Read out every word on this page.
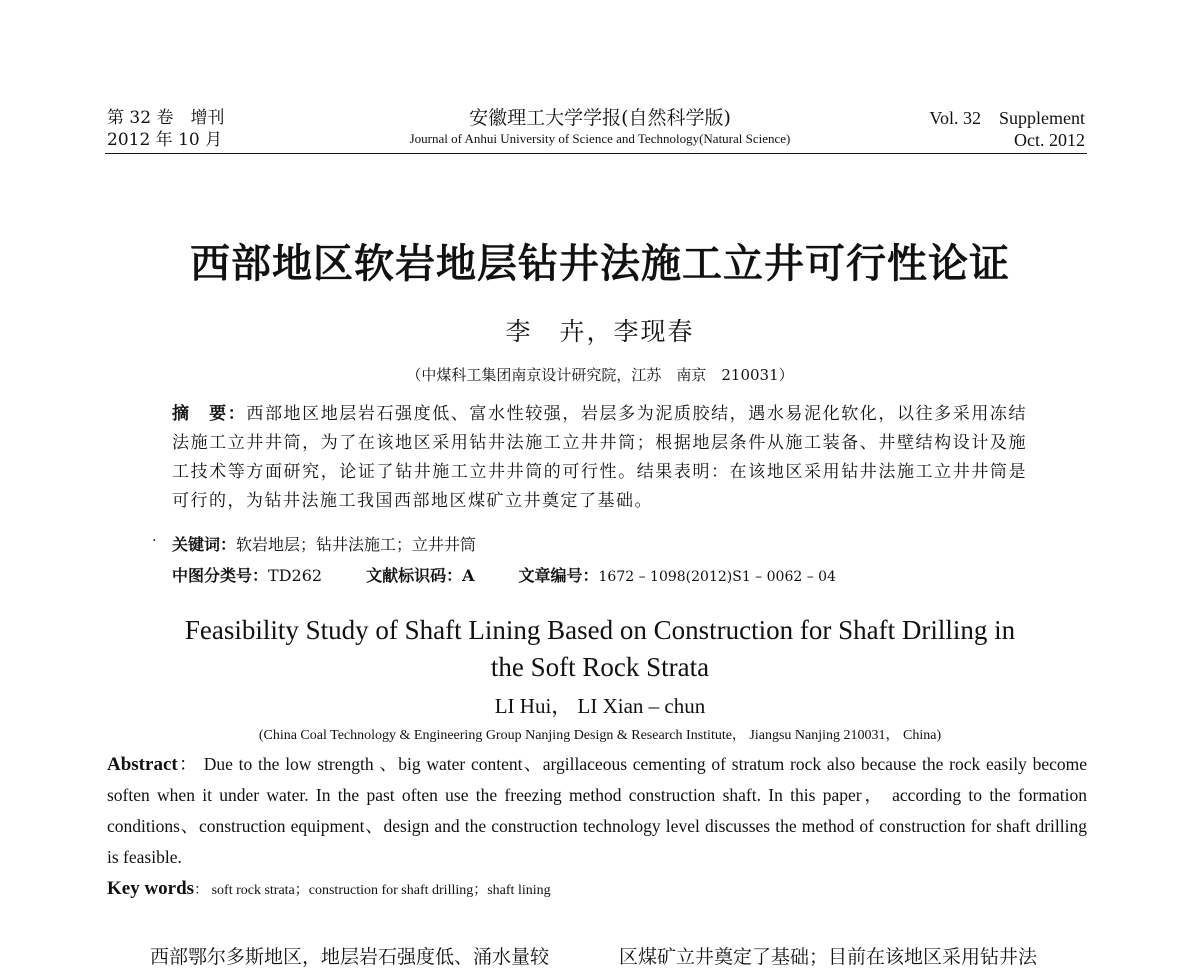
第 32 卷　增刊
2012 年 10 月
安徽理工大学学报(自然科学版)
Journal of Anhui University of Science and Technology(Natural Science)
Vol. 32　Supplement
Oct. 2012
西部地区软岩地层钻井法施工立井可行性论证
李　卉，李现春
（中煤科工集团南京设计研究院，江苏　南京　210031）
摘　要：西部地区地层岩石强度低、富水性较强，岩层多为泥质胶结，遇水易泥化软化，以往多采用冻结法施工立井井筒，为了在该地区采用钻井法施工立井井筒；根据地层条件从施工装备、井壁结构设计及施工技术等方面研究，论证了钻井施工立井井筒的可行性。结果表明：在该地区采用钻井法施工立井井筒是可行的，为钻井法施工我国西部地区煤矿立井奠定了基础。
· 关键词：软岩地层；钻井法施工；立井井筒
中图分类号：TD262	文献标识码：A	文章编号：1672 – 1098(2012)S1 – 0062 – 04
Feasibility Study of Shaft Lining Based on Construction for Shaft Drilling in
the Soft Rock Strata
LI Hui， LI Xian – chun
(China Coal Technology & Engineering Group Nanjing Design & Research Institute， Jiangsu Nanjing 210031， China)
Abstract： Due to the low strength 、big water content、argillaceous cementing of stratum rock also because the rock easily become soften when it under water. In the past often use the freezing method construction shaft. In this paper， according to the formation conditions、construction equipment、design and the construction technology level discusses the method of construction for shaft drilling is feasible.
Key words： soft rock strata；construction for shaft drilling；shaft lining
西部鄂尔多斯地区，地层岩石强度低、涌水量较	区煤矿立井奠定了基础；目前在该地区采用钻井法
